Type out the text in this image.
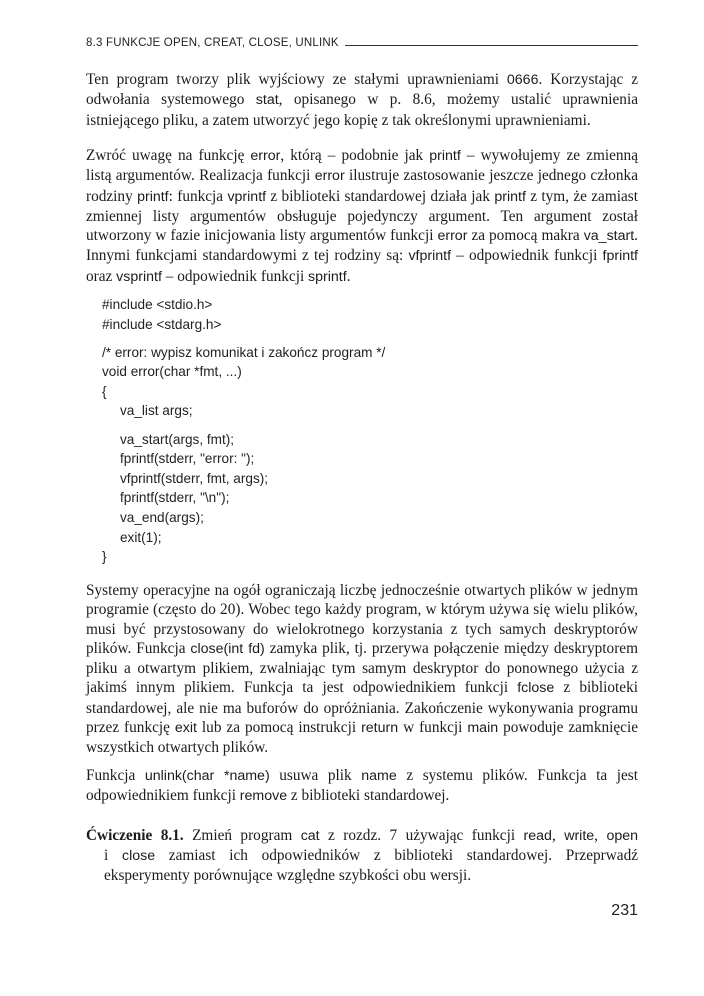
8.3 FUNKCJE OPEN, CREAT, CLOSE, UNLINK

Ten program tworzy plik wyjściowy ze stałymi uprawnieniami 0666. Korzystając z odwołania systemowego stat, opisanego w p. 8.6, możemy ustalić uprawnienia istniejącego pliku, a zatem utworzyć jego kopię z tak określonymi uprawnieniami.

Zwróć uwagę na funkcję error, którą – podobnie jak printf – wywołujemy ze zmienną listą argumentów. Realizacja funkcji error ilustruje zastosowanie jeszcze jednego członka rodziny printf: funkcja vprintf z biblioteki standardowej działa jak printf z tym, że zamiast zmiennej listy argumentów obsługuje pojedynczy argument. Ten argument został utworzony w fazie inicjowania listy argumentów funkcji error za pomocą makra va_start. Innymi funkcjami standardowymi z tej rodziny są: vfprintf – odpowiednik funkcji fprintf oraz vsprintf – odpowiednik funkcji sprintf.

#include <stdio.h>
#include <stdarg.h>
/* error: wypisz komunikat i zakończ program */
void error(char *fmt, ...)
{
va_list args;
va_start(args, fmt);
fprintf(stderr, "error: ");
vfprintf(stderr, fmt, args);
fprintf(stderr, "\n");
va_end(args);
exit(1);
}

Systemy operacyjne na ogół ograniczają liczbę jednocześnie otwartych plików w jednym programie (często do 20). Wobec tego każdy program, w którym używa się wielu plików, musi być przystosowany do wielokrotnego korzystania z tych samych deskryptorów plików. Funkcja close(int fd) zamyka plik, tj. przerywa połączenie między deskryptorem pliku a otwartym plikiem, zwalniając tym samym deskryptor do ponownego użycia z jakimś innym plikiem. Funkcja ta jest odpowiednikiem funkcji fclose z biblioteki standardowej, ale nie ma buforów do opróżniania. Zakończenie wykonywania programu przez funkcję exit lub za pomocą instrukcji return w funkcji main powoduje zamknięcie wszystkich otwartych plików.

Funkcja unlink(char *name) usuwa plik name z systemu plików. Funkcja ta jest odpowiednikiem funkcji remove z biblioteki standardowej.

Ćwiczenie 8.1. Zmień program cat z rozdz. 7 używając funkcji read, write, open

i close zamiast ich odpowiedników z biblioteki standardowej. Przeprwadź eksperymenty porównujące względne szybkości obu wersji.

231
